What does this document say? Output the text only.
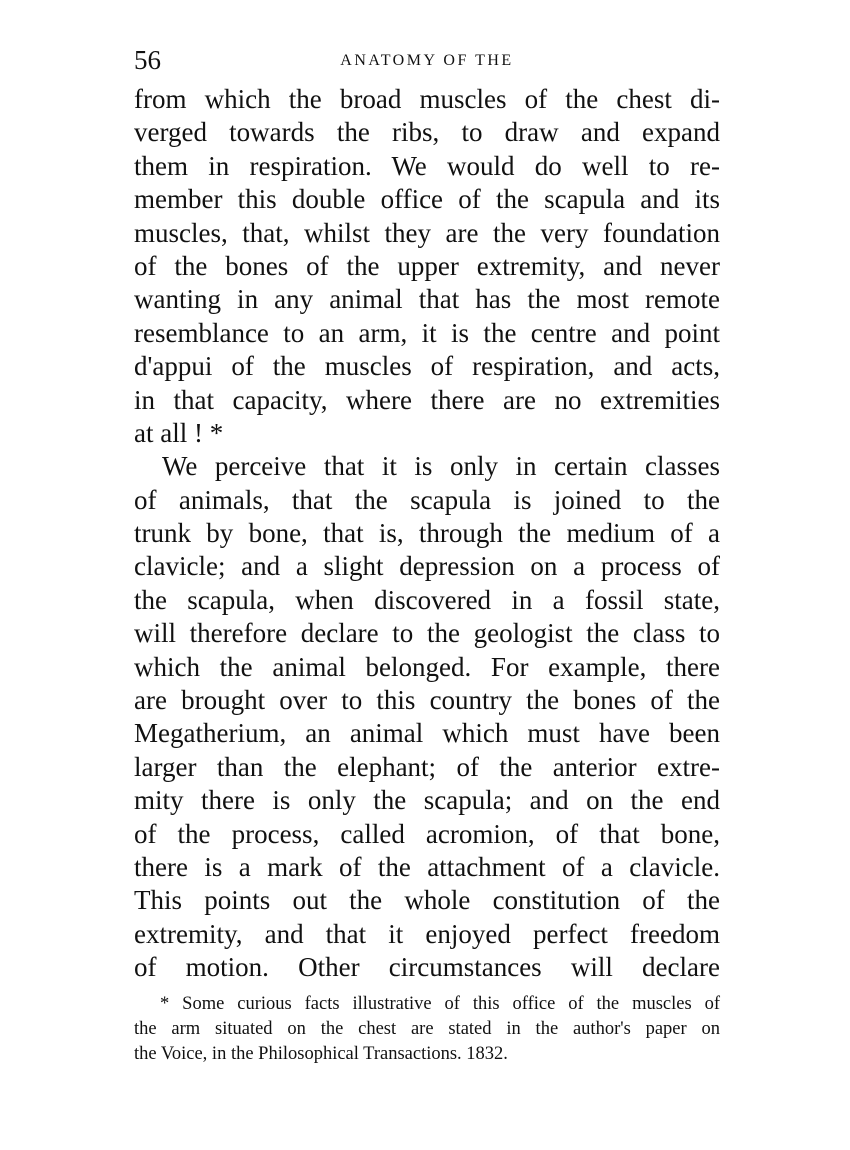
56	ANATOMY OF THE
from which the broad muscles of the chest di-
verged towards the ribs, to draw and expand
them in respiration. We would do well to re-
member this double office of the scapula and its
muscles, that, whilst they are the very foundation
of the bones of the upper extremity, and never
wanting in any animal that has the most remote
resemblance to an arm, it is the centre and point
d'appui of the muscles of respiration, and acts,
in that capacity, where there are no extremities
at all ! *
We perceive that it is only in certain classes
of animals, that the scapula is joined to the
trunk by bone, that is, through the medium of a
clavicle; and a slight depression on a process of
the scapula, when discovered in a fossil state,
will therefore declare to the geologist the class to
which the animal belonged. For example, there
are brought over to this country the bones of the
Megatherium, an animal which must have been
larger than the elephant; of the anterior extre-
mity there is only the scapula; and on the end
of the process, called acromion, of that bone,
there is a mark of the attachment of a clavicle.
This points out the whole constitution of the
extremity, and that it enjoyed perfect freedom
of motion. Other circumstances will declare
* Some curious facts illustrative of this office of the muscles of
the arm situated on the chest are stated in the author's paper on
the Voice, in the Philosophical Transactions. 1832.
